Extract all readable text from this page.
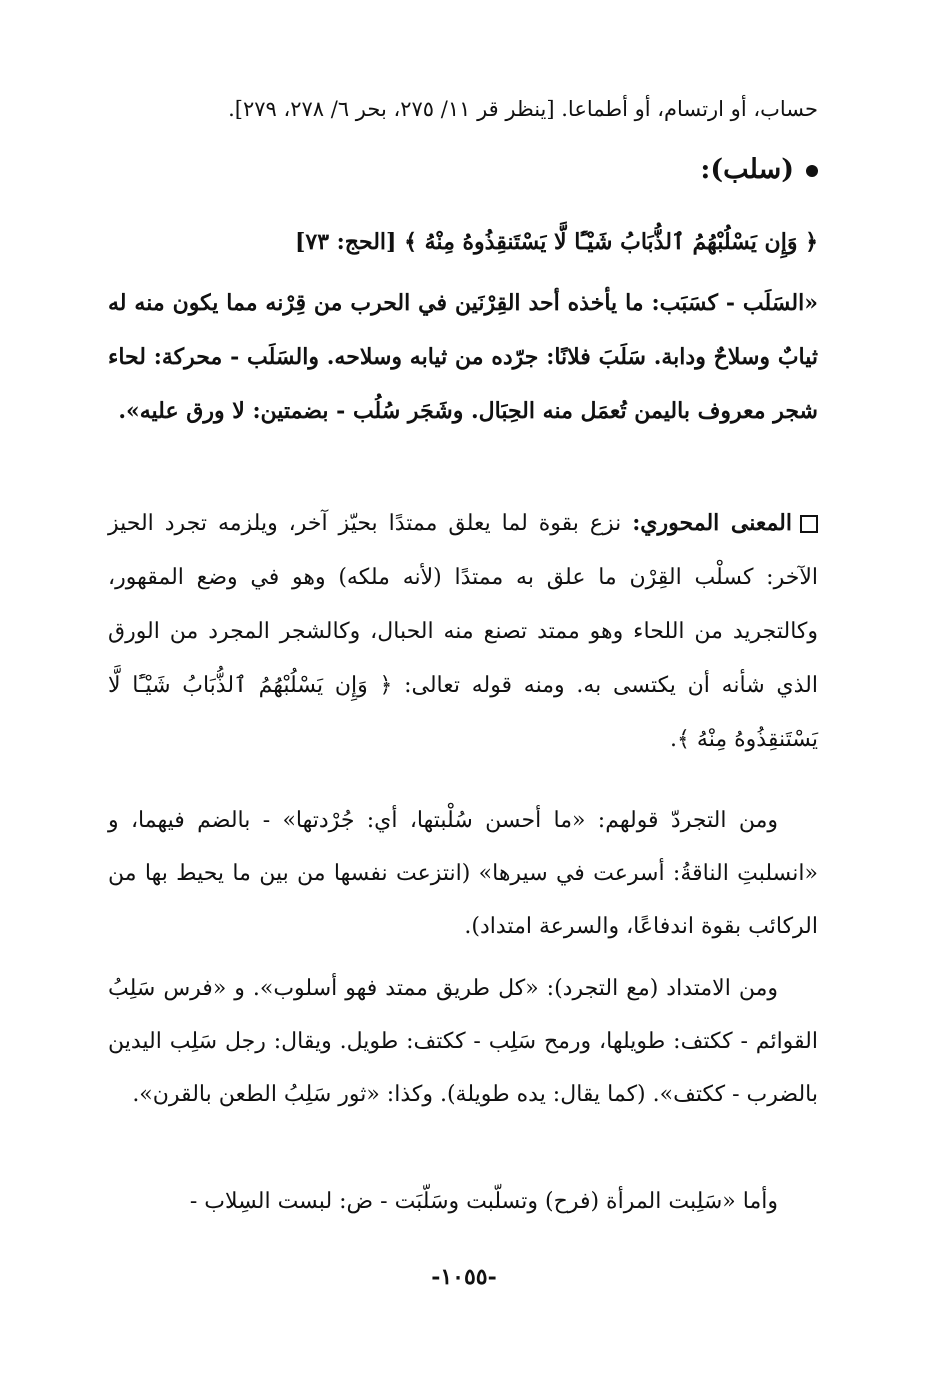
حساب، أو ارتسام، أو أطماعا. [ينظر قر ١١/ ٢٧٥، بحر ٦/ ٢٧٨، ٢٧٩].
(سلب):
﴿ وَإِن يَسْلُبْهُمُ ٱلذُّبَابُ شَيْـًٔا لَّا يَسْتَنقِذُوهُ مِنْهُ ﴾ [الحج: ٧٣]
«السَلَب - كسَبَب: ما يأخذه أحد القِرْنَين في الحرب من قِرْنه مما يكون منه له ثيابٌ وسلاحٌ ودابة. سَلَبَ فلانًا: جرّده من ثيابه وسلاحه. والسَلَب - محركة: لحاء شجر معروف باليمن تُعمَل منه الحِبَال. وشَجَر سُلُب - بضمتين: لا ورق عليه».
المعنى المحوري: نزع بقوة لما يعلق ممتدًا بحيّز آخر، ويلزمه تجرد الحيز الآخر: كسلْب القِرْن ما علق به ممتدًا (لأنه ملكه) وهو في وضع المقهور، وكالتجريد من اللحاء وهو ممتد تصنع منه الحبال، وكالشجر المجرد من الورق الذي شأنه أن يكتسى به. ومنه قوله تعالى: ﴿ وَإِن يَسْلُبْهُمُ ٱلذُّبَابُ شَيْـًٔا لَّا يَسْتَنقِذُوهُ مِنْهُ ﴾.
ومن التجردّ قولهم: «ما أحسن سُلْبتها، أي: جُرْدتها» - بالضم فيهما، و «انسلبتِ الناقةُ: أسرعت في سيرها» (انتزعت نفسها من بين ما يحيط بها من الركائب بقوة اندفاعًا، والسرعة امتداد).
ومن الامتداد (مع التجرد): «كل طريق ممتد فهو أسلوب». و «فرس سَلِبُ القوائم - ككتف: طويلها، ورمح سَلِب - ككتف: طويل. ويقال: رجل سَلِب اليدين بالضرب - ككتف». (كما يقال: يده طويلة). وكذا: «ثور سَلِبُ الطعن بالقرن».
وأما «سَلِبت المرأة (فرح) وتسلّبت وسَلّبَت - ض: لبست السِلاب -
-١٠٥٥-
